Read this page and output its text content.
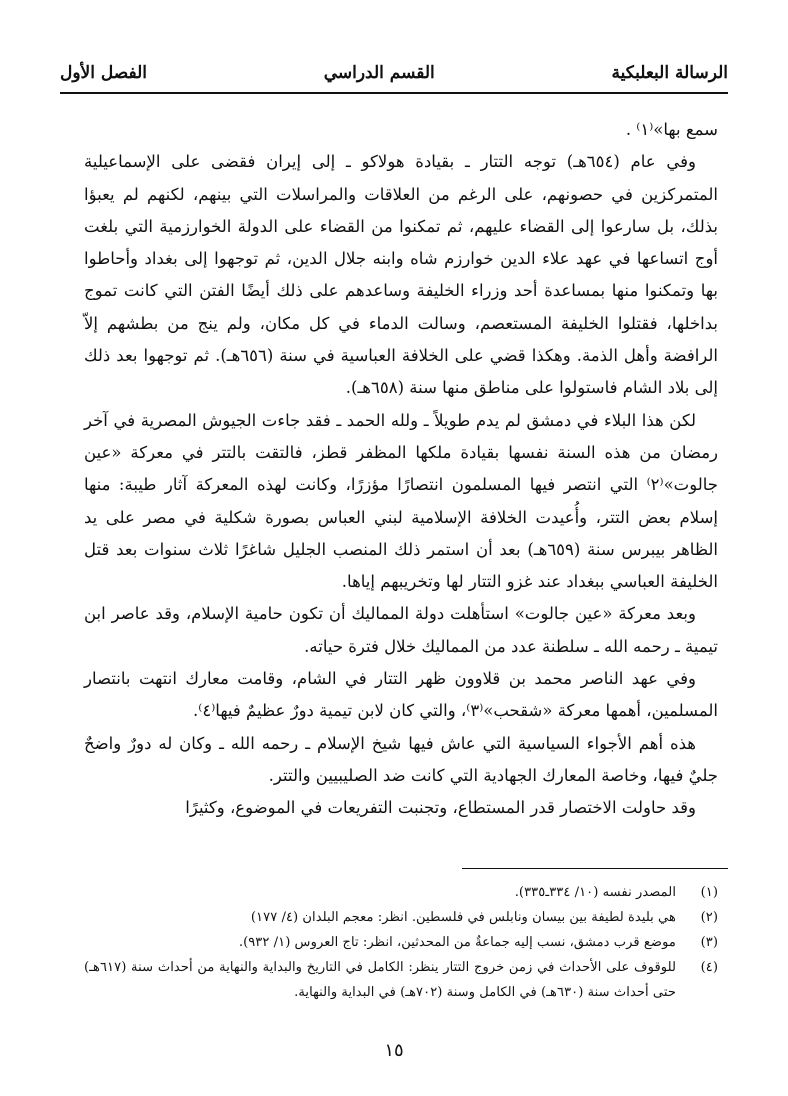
الرسالة البعلبكية
القسم الدراسي
الفصل الأول

سمع بها»⁽١⁾ .

وفي عام (٦٥٤هـ) توجه التتار ـ بقيادة هولاكو ـ إلى إيران فقضى على الإسماعيلية المتمركزين في حصونهم، على الرغم من العلاقات والمراسلات التي بينهم، لكنهم لم يعبؤا بذلك، بل سارعوا إلى القضاء عليهم، ثم تمكنوا من القضاء على الدولة الخوارزمية التي بلغت أوج اتساعها في عهد علاء الدين خوارزم شاه وابنه جلال الدين، ثم توجهوا إلى بغداد وأحاطوا بها وتمكنوا منها بمساعدة أحد وزراء الخليفة وساعدهم على ذلك أيضًا الفتن التي كانت تموج بداخلها، فقتلوا الخليفة المستعصم، وسالت الدماء في كل مكان، ولم ينج من بطشهم إلاّ الرافضة وأهل الذمة. وهكذا قضي على الخلافة العباسية في سنة (٦٥٦هـ). ثم توجهوا بعد ذلك إلى بلاد الشام فاستولوا على مناطق منها سنة (٦٥٨هـ).

لكن هذا البلاء في دمشق لم يدم طويلاً ـ ولله الحمد ـ فقد جاءت الجيوش المصرية في آخر رمضان من هذه السنة نفسها بقيادة ملكها المظفر قطز، فالتقت بالتتر في معركة «عين جالوت»⁽٢⁾ التي انتصر فيها المسلمون انتصارًا مؤزرًا، وكانت لهذه المعركة آثار طيبة: منها إسلام بعض التتر، وأُعيدت الخلافة الإسلامية لبني العباس بصورة شكلية في مصر على يد الظاهر بيبرس سنة (٦٥٩هـ) بعد أن استمر ذلك المنصب الجليل شاغرًا ثلاث سنوات بعد قتل الخليفة العباسي ببغداد عند غزو التتار لها وتخريبهم إياها.

وبعد معركة «عين جالوت» استأهلت دولة المماليك أن تكون حامية الإسلام، وقد عاصر ابن تيمية ـ رحمه الله ـ سلطنة عدد من المماليك خلال فترة حياته.

وفي عهد الناصر محمد بن قلاوون ظهر التتار في الشام، وقامت معارك انتهت بانتصار المسلمين، أهمها معركة «شقحب»⁽٣⁾، والتي كان لابن تيمية دورٌ عظيمٌ فيها⁽٤⁾.

هذه أهم الأجواء السياسية التي عاش فيها شيخ الإسلام ـ رحمه الله ـ وكان له دورٌ واضحٌ جليٌ فيها، وخاصة المعارك الجهادية التي كانت ضد الصليبيين والتتر.

وقد حاولت الاختصار قدر المستطاع، وتجنبت التفريعات في الموضوع، وكثيرًا

(١)
المصدر نفسه (١٠/ ٣٣٤ـ٣٣٥).
(٢)
هي بليدة لطيفة بين بيسان ونابلس في فلسطين. انظر: معجم البلدان (٤/ ١٧٧)
(٣)
موضع قرب دمشق، نسب إليه جماعةٌ من المحدثين، انظر: تاج العروس (١/ ٩٣٢).
(٤)
للوقوف على الأحداث في زمن خروج التتار ينظر: الكامل في التاريخ والبداية والنهاية من أحداث سنة (٦١٧هـ) حتى أحداث سنة (٦٣٠هـ) في الكامل وسنة (٧٠٢هـ) في البداية والنهاية.
١٥
